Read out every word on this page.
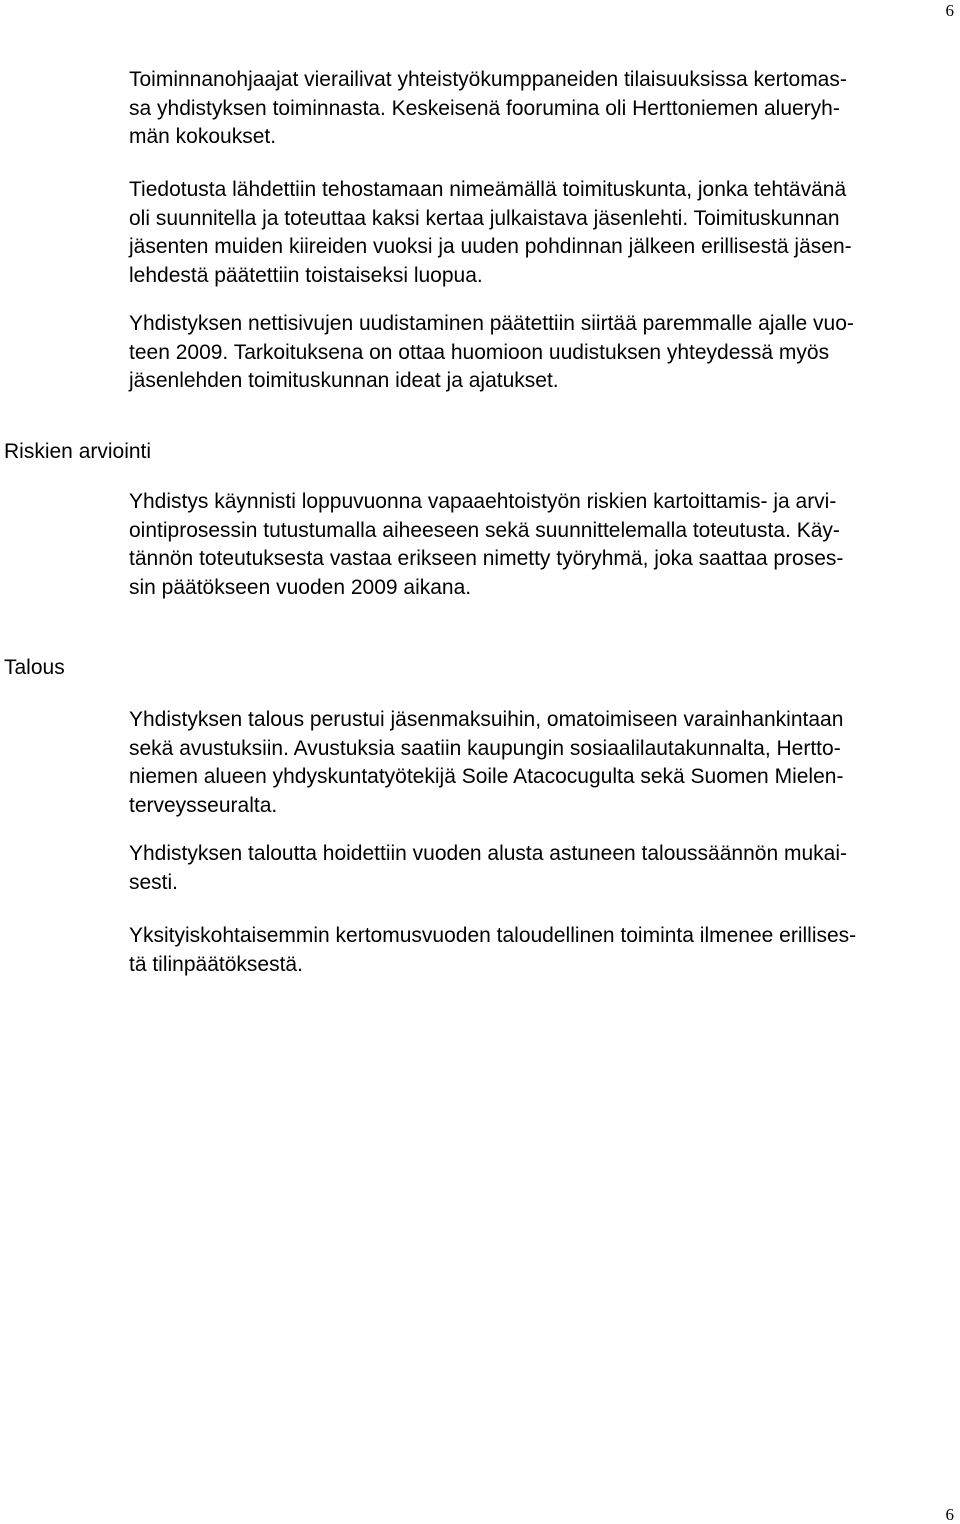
6

Toiminnanohjaajat vierailivat yhteistyökumppaneiden tilaisuuksissa kertomas-
sa yhdistyksen toiminnasta. Keskeisenä foorumina oli Herttoniemen alueryh-
män kokoukset.

Tiedotusta lähdettiin tehostamaan nimeämällä toimituskunta, jonka tehtävänä
oli suunnitella ja toteuttaa kaksi kertaa julkaistava jäsenlehti. Toimituskunnan
jäsenten muiden kiireiden vuoksi ja uuden pohdinnan jälkeen erillisestä jäsen-
lehdestä päätettiin toistaiseksi luopua.

Yhdistyksen nettisivujen uudistaminen päätettiin siirtää paremmalle ajalle vuo-
teen 2009. Tarkoituksena on ottaa huomioon uudistuksen yhteydessä myös
jäsenlehden toimituskunnan ideat ja ajatukset.

Riskien arviointi

Yhdistys käynnisti loppuvuonna vapaaehtoistyön riskien kartoittamis- ja arvi-
ointiprosessin tutustumalla aiheeseen sekä suunnittelemalla toteutusta. Käy-
tännön toteutuksesta vastaa erikseen nimetty työryhmä, joka saattaa proses-
sin päätökseen vuoden 2009 aikana.

Talous

Yhdistyksen talous perustui jäsenmaksuihin, omatoimiseen varainhankintaan
sekä avustuksiin. Avustuksia saatiin kaupungin sosiaalilautakunnalta, Hertto-
niemen alueen yhdyskuntatyötekijä Soile Atacocugulta sekä Suomen Mielen-
terveysseuralta.

Yhdistyksen taloutta hoidettiin vuoden alusta astuneen taloussäännön mukai-
sesti.

Yksityiskohtaisemmin kertomusvuoden taloudellinen toiminta ilmenee erillises-
tä tilinpäätöksestä.

6
